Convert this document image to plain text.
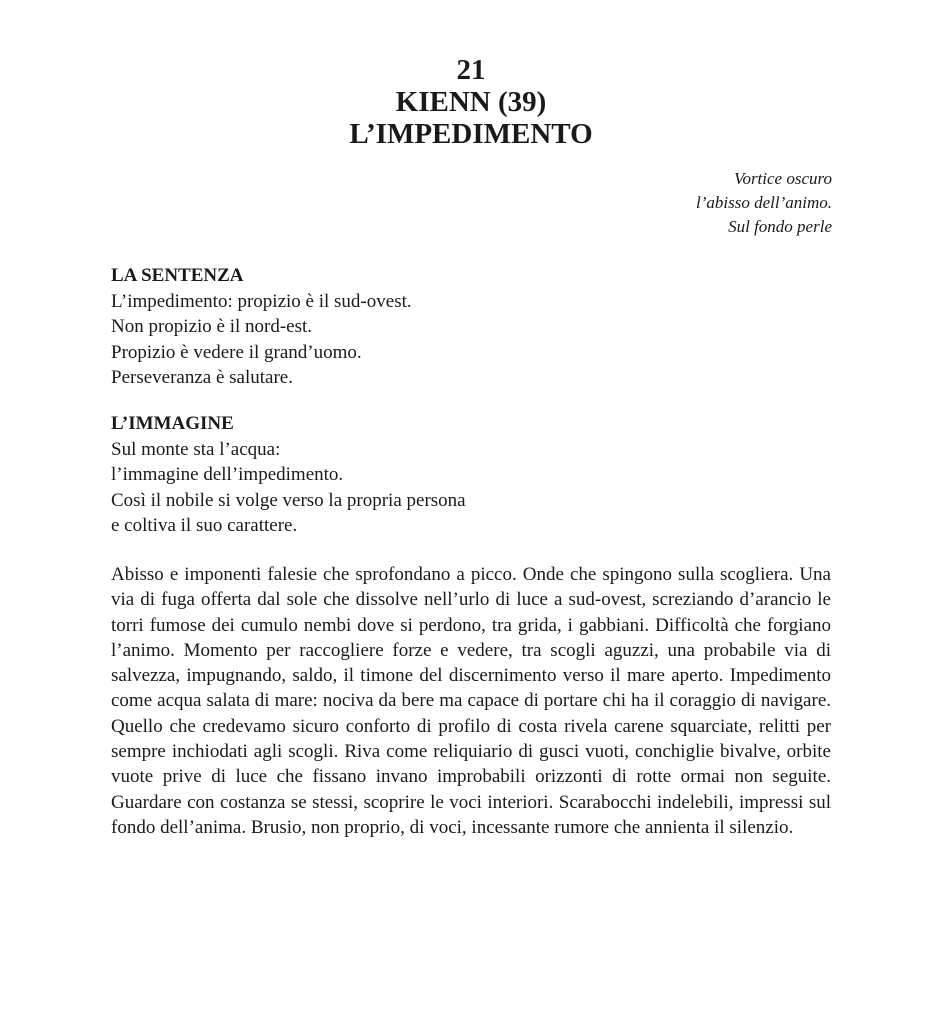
21
KIENN (39)
L’IMPEDIMENTO
Vortice oscuro
l’abisso dell’animo.
Sul fondo perle
LA SENTENZA
L’impedimento: propizio è il sud-ovest.
Non propizio è il nord-est.
Propizio è vedere il grand’uomo.
Perseveranza è salutare.
L’IMMAGINE
Sul monte sta l’acqua:
l’immagine dell’impedimento.
Così il nobile si volge verso la propria persona
e coltiva il suo carattere.

Abisso e imponenti falesie che sprofondano a picco. Onde che spingono sulla scogliera. Una via di fuga offerta dal sole che dissolve nell’urlo di luce a sud-ovest, screziando d’arancio le torri fumose dei cumulo nembi dove si perdono, tra grida, i gabbiani. Difficoltà che forgiano l’animo. Momento per raccogliere forze e vedere, tra scogli aguzzi, una probabile via di salvezza, impugnando, saldo, il timone del discernimento verso il mare aperto. Impedimento come acqua salata di mare: nociva da bere ma capace di portare chi ha il coraggio di navigare. Quello che credevamo sicuro conforto di profilo di costa rivela carene squarciate, relitti per sempre inchiodati agli scogli. Riva come reliquiario di gusci vuoti, conchiglie bivalve, orbite vuote prive di luce che fissano invano improbabili orizzonti di rotte ormai non seguite. Guardare con costanza se stessi, scoprire le voci interiori. Scarabocchi indelebili, impressi sul fondo dell’anima. Brusio, non proprio, di voci, incessante rumore che annienta il silenzio.
